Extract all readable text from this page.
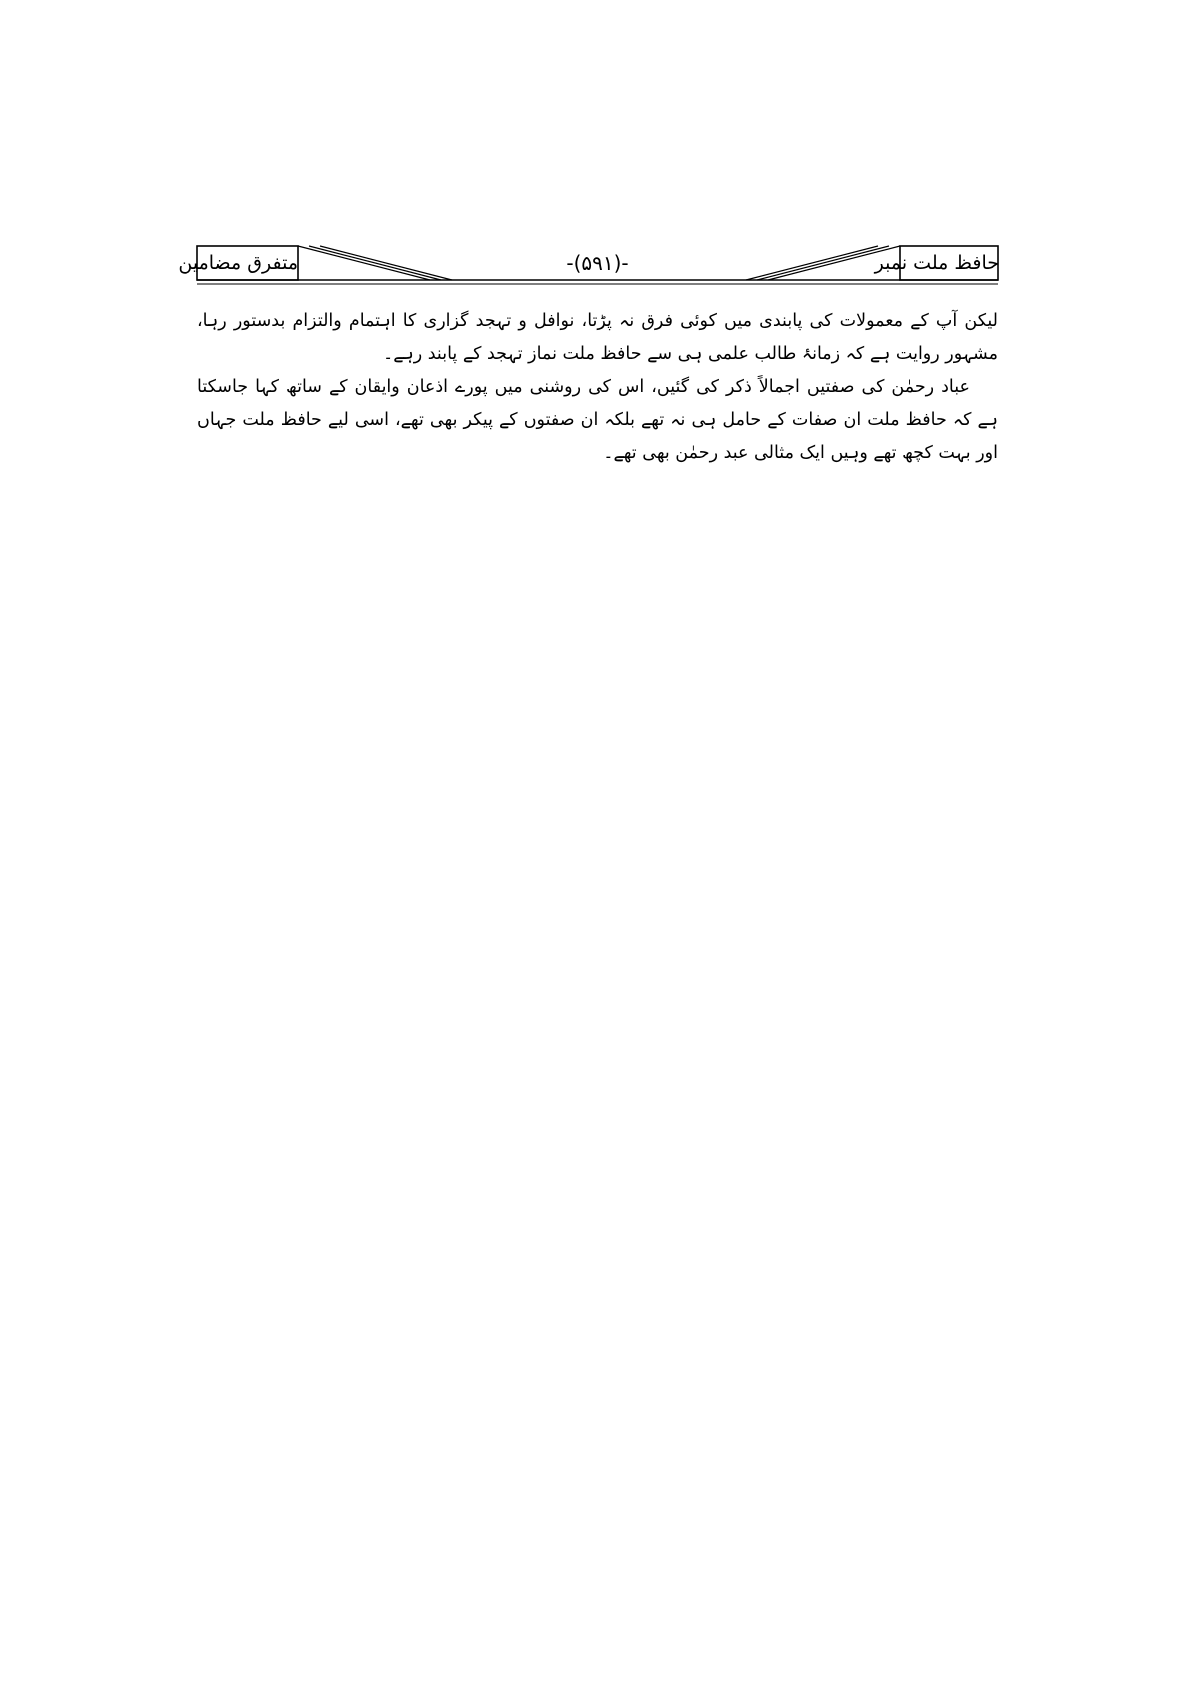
حافظ ملت نمبر
-(۵۹۱)-
متفرق مضامین

لیکن آپ کے معمولات کی پابندی میں کوئی فرق نہ پڑتا، نوافل و تہجد گزاری کا اہتمام والتزام بدستور رہا، مشہور روایت ہے کہ زمانۂ طالب علمی ہی سے حافظ ملت نماز تہجد کے پابند رہے۔

عباد رحمٰن کی صفتیں اجمالاً ذکر کی گئیں، اس کی روشنی میں پورے اذعان وایقان کے ساتھ کہا جاسکتا ہے کہ حافظ ملت ان صفات کے حامل ہی نہ تھے بلکہ ان صفتوں کے پیکر بھی تھے، اسی لیے حافظ ملت جہاں اور بہت کچھ تھے وہیں ایک مثالی عبد رحمٰن بھی تھے۔
